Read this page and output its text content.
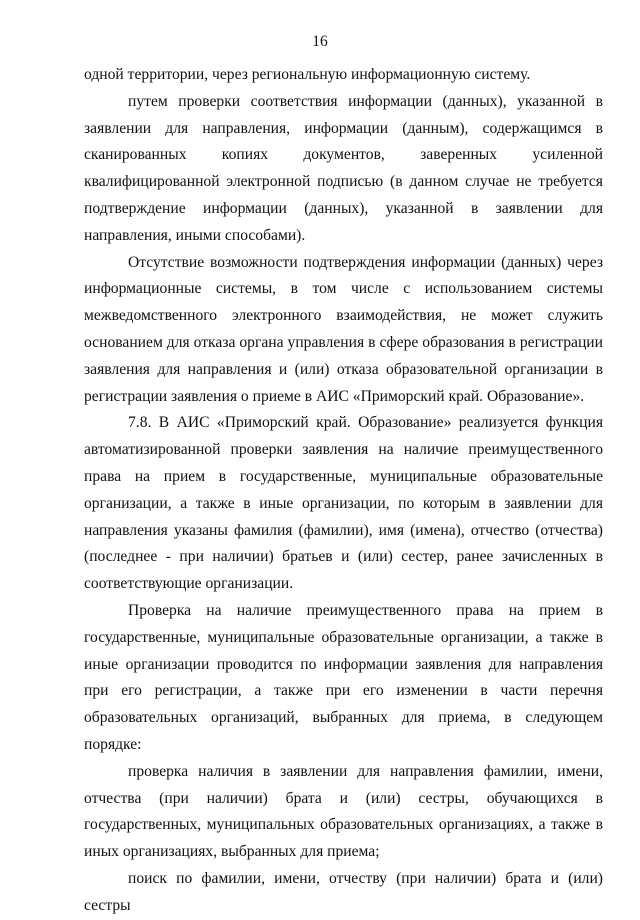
16

одной территории, через региональную информационную систему.

путем проверки соответствия информации (данных), указанной в заявлении для направления, информации (данным), содержащимся в сканированных копиях документов, заверенных усиленной квалифицированной электронной подписью (в данном случае не требуется подтверждение информации (данных), указанной в заявлении для направления, иными способами).

Отсутствие возможности подтверждения информации (данных) через информационные системы, в том числе с использованием системы межведомственного электронного взаимодействия, не может служить основанием для отказа органа управления в сфере образования в регистрации заявления для направления и (или) отказа образовательной организации в регистрации заявления о приеме в АИС «Приморский край. Образование».

7.8. В АИС «Приморский край. Образование» реализуется функция автоматизированной проверки заявления на наличие преимущественного права на прием в государственные, муниципальные образовательные организации, а также в иные организации, по которым в заявлении для направления указаны фамилия (фамилии), имя (имена), отчество (отчества) (последнее - при наличии) братьев и (или) сестер, ранее зачисленных в соответствующие организации.

Проверка на наличие преимущественного права на прием в государственные, муниципальные образовательные организации, а также в иные организации проводится по информации заявления для направления при его регистрации, а также при его изменении в части перечня образовательных организаций, выбранных для приема, в следующем порядке:

проверка наличия в заявлении для направления фамилии, имени, отчества (при наличии) брата и (или) сестры, обучающихся в государственных, муниципальных образовательных организациях, а также в иных организациях, выбранных для приема;

поиск по фамилии, имени, отчеству (при наличии) брата и (или) сестры
